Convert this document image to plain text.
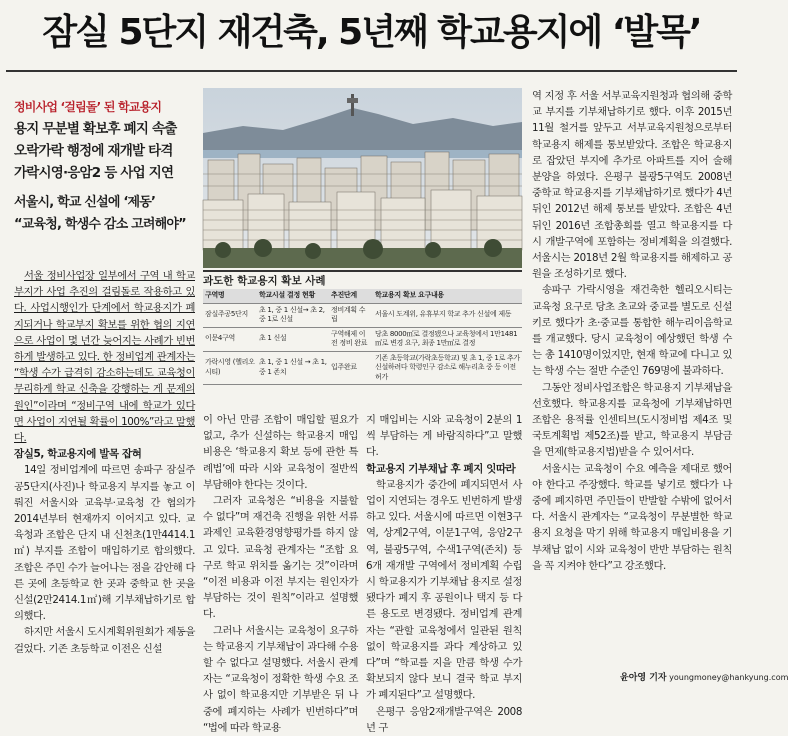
잠실 5단지 재건축, 5년째 학교용지에 ‘발목’
정비사업 ‘걸림돌’ 된 학교용지
용지 무분별 확보후 폐지 속출
오락가락 행정에 재개발 타격
가락시영·응암2 등 사업 지연
서울시, 학교 신설에 ‘제동’
“교육청, 학생수 감소 고려해야”

서울 정비사업장 일부에서 구역 내 학교 부지가 사업 추진의 걸림돌로 작용하고 있다. 사업시행인가 단계에서 학교용지가 폐지되거나 학교부지 확보를 위한 협의 지연으로 사업이 몇 년간 늦어지는 사례가 빈번하게 발생하고 있다. 한 정비업계 관계자는 “학생 수가 급격히 감소하는데도 교육청이 무리하게 학교 신축을 강행하는 게 문제의 원인”이라며 “정비구역 내에 학교가 있다면 사업이 지연될 확률이 100%”라고 말했다.

잠실5, 학교용지에 발목 잡혀

14일 정비업계에 따르면 송파구 잠실주공5단지(사진)나 학교용지 부지를 놓고 이뤄진 서울시와 교육부·교육청 간 협의가 2014년부터 현재까지 이어지고 있다. 교육청과 조합은 단지 내 신천초(1만4414.1㎡) 부지를 조합이 매입하기로 합의했다. 조합은 주민 수가 늘어나는 점을 감안해 다른 곳에 초등학교 한 곳과 중학교 한 곳을 신설(2만2414.1㎡)해 기부채납하기로 합의했다.

하지만 서울시 도시계획위원회가 제동을 걸었다. 기존 초등학교 이전은 신설

과도한 학교용지 확보 사례
구역명	학교시설 결정 현황	추진단계	학교용지 확보 요구내용
잠실주공5단지	초 1, 중 1 신설→ 초 2, 중 1로 신설	정비계획 수립	서울시 도계위, 유휴부지 학교 추가 신설에 제동
이문4구역	초 1 신설	구역해제 이전 정비 완료	당초 8000㎡로 결정됐으나 교육청에서 1만1481㎡로 변경 요구, 최종 1만㎡로 결정
가락시영 (헬리오시티)	초 1, 중 1 신설 → 초 1, 중 1 존치	입주완료	기존 초등학교(가락초등학교) 및 초 1, 중 1로 추가 신설하려다 학령인구 감소로 해누리초 중 등 이전 허가

이 아닌 만큼 조합이 매입할 필요가 없고, 추가 신설하는 학교용지 매입비용은 ‘학교용지 확보 등에 관한 특례법’에 따라 시와 교육청이 절반씩 부담해야 한다는 것이다.

그러자 교육청은 “비용을 지불할 수 없다”며 재건축 진행을 위한 서류 과제인 교육환경영향평가를 하지 않고 있다. 교육청 관계자는 “조합 요구로 학교 위치를 옮기는 것”이라며 “이전 비용과 이전 부지는 원인자가 부담하는 것이 원칙”이라고 설명했다.

그러나 서울시는 교육청이 요구하는 학교용지 기부채납이 과다해 수용할 수 없다고 설명했다. 서울시 관계자는 “교육청이 정확한 학생 수요 조사 없이 학교용지만 기부받은 뒤 나중에 폐지하는 사례가 빈번하다”며 “법에 따라 학교용

지 매입비는 시와 교육청이 2분의 1씩 부담하는 게 바람직하다”고 말했다.

학교용지 기부채납 후 폐지 잇따라

학교용지가 중간에 폐지되면서 사업이 지연되는 경우도 빈번하게 발생하고 있다. 서울시에 따르면 이현3구역, 상계2구역, 이문1구역, 응암2구역, 불광5구역, 수색1구역(존치) 등 6개 재개발 구역에서 정비계획 수립 시 학교용지가 기부채납 용지로 설정됐다가 폐지 후 공원이나 택지 등 다른 용도로 변경됐다. 정비업계 관계자는 “관할 교육청에서 일관된 원칙 없이 학교용지를 과다 계상하고 있다”며 “학교를 지을 만큼 학생 수가 확보되지 않다 보니 결국 학교 부지가 폐지된다”고 설명했다.

은평구 응암2재개발구역은 2008년 구

역 지정 후 서울 서부교육지원청과 협의해 중학교 부지를 기부채납하기로 했다. 이후 2015년 11월 철거를 앞두고 서부교육지원청으로부터 학교용지 해제를 통보받았다. 조합은 학교용지로 잡았던 부지에 추가로 아파트를 지어 술해 분양을 하였다. 은평구 불광5구역도 2008년 중학교 학교용지를 기부채납하기로 했다가 4년 뒤인 2012년 해제 통보를 받았다. 조합은 4년 뒤인 2016년 조합총회를 열고 학교용지를 다시 개발구역에 포함하는 정비계획을 의결했다. 서울시는 2018년 2월 학교용지를 해제하고 공원을 조성하기로 했다.

송파구 가락시영을 재건축한 헬리오시티는 교육청 요구로 당초 초교와 중교를 별도로 신설키로 했다가 초·중교를 통합한 해누리이음학교를 개교했다. 당시 교육청이 예상했던 학생 수는 총 1410명이었지만, 현재 학교에 다니고 있는 학생 수는 절반 수준인 769명에 불과하다.

그동안 정비사업조합은 학교용지 기부채납을 선호했다. 학교용지를 교육청에 기부채납하면 조합은 용적률 인센티브(도시정비법 제4조 및 국토계획법 제52조)를 받고, 학교용지 부담금을 면제(학교용지법)받을 수 있어서다.

서울시는 교육청이 수요 예측을 제대로 했어야 한다고 주장했다. 학교를 넣기로 했다가 나중에 폐지하면 주민들이 반발할 수밖에 없어서다. 서울시 관계자는 “교육청이 무분별한 학교용지 요청을 막기 위해 학교용지 매입비용을 기부채납 없이 시와 교육청이 반반 부담하는 원칙을 꼭 지켜야 한다”고 강조했다.

윤아영 기자 youngmoney@hankyung.com
